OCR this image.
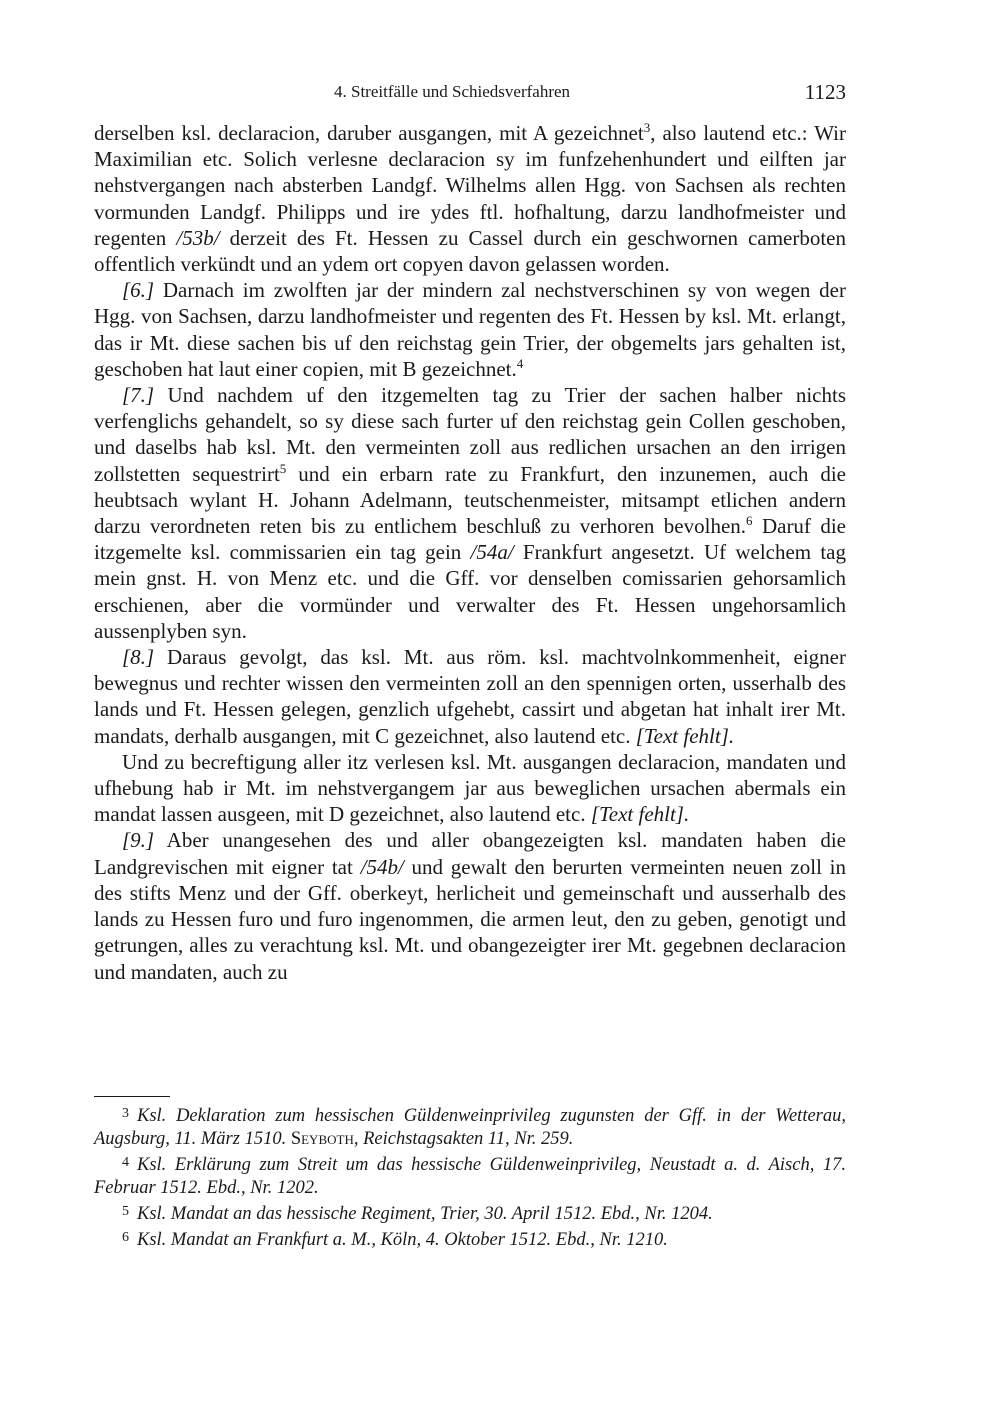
4. Streitfälle und Schiedsverfahren	1123

derselben ksl. declaracion, daruber ausgangen, mit A gezeichnet$^3$, also lautend etc.: Wir Maximilian etc. Solich verlesne declaracion sy im funfzehenhundert und eilften jar nehstvergangen nach absterben Landgf. Wilhelms allen Hgg. von Sachsen als rechten vormunden Landgf. Philipps und ire ydes ftl. hofhaltung, darzu landhofmeister und regenten /53b/ derzeit des Ft. Hessen zu Cassel durch ein geschwornen camerboten offentlich verkündt und an ydem ort copyen davon gelassen worden.

[6.] Darnach im zwolften jar der mindern zal nechstverschinen sy von wegen der Hgg. von Sachsen, darzu landhofmeister und regenten des Ft. Hessen by ksl. Mt. erlangt, das ir Mt. diese sachen bis uf den reichstag gein Trier, der obgemelts jars gehalten ist, geschoben hat laut einer copien, mit B gezeichnet.$^4$

[7.] Und nachdem uf den itzgemelten tag zu Trier der sachen halber nichts verfenglichs gehandelt, so sy diese sach furter uf den reichstag gein Collen geschoben, und daselbs hab ksl. Mt. den vermeinten zoll aus redlichen ursachen an den irrigen zollstetten sequestrirt$^5$ und ein erbarn rate zu Frankfurt, den inzunemen, auch die heubtsach wylant H. Johann Adelmann, teutschenmeister, mitsampt etlichen andern darzu verordneten reten bis zu entlichem beschluß zu verhoren bevolhen.$^6$ Daruf die itzgemelte ksl. commissarien ein tag gein /54a/ Frankfurt angesetzt. Uf welchem tag mein gnst. H. von Menz etc. und die Gff. vor denselben comissarien gehorsamlich erschienen, aber die vormünder und verwalter des Ft. Hessen ungehorsamlich aussenplyben syn.

[8.] Daraus gevolgt, das ksl. Mt. aus röm. ksl. machtvolnkommenheit, eigner bewegnus und rechter wissen den vermeinten zoll an den spennigen orten, usserhalb des lands und Ft. Hessen gelegen, genzlich ufgehebt, cassirt und abgetan hat inhalt irer Mt. mandats, derhalb ausgangen, mit C gezeichnet, also lautend etc. [Text fehlt].

Und zu becreftigung aller itz verlesen ksl. Mt. ausgangen declaracion, mandaten und ufhebung hab ir Mt. im nehstvergangem jar aus beweglichen ursachen abermals ein mandat lassen ausgeen, mit D gezeichnet, also lautend etc. [Text fehlt].

[9.] Aber unangesehen des und aller obangezeigten ksl. mandaten haben die Landgrevischen mit eigner tat /54b/ und gewalt den berurten vermeinten neuen zoll in des stifts Menz und der Gff. oberkeyt, herlicheit und gemeinschaft und ausserhalb des lands zu Hessen furo und furo ingenommen, die armen leut, den zu geben, genotigt und getrungen, alles zu verachtung ksl. Mt. und obangezeigter irer Mt. gegebnen declaracion und mandaten, auch zu

$^3$ Ksl. Deklaration zum hessischen Güldenweinprivileg zugunsten der Gff. in der Wetterau, Augsburg, 11. März 1510. Seyboth, Reichstagsakten 11, Nr. 259.

$^4$ Ksl. Erklärung zum Streit um das hessische Güldenweinprivileg, Neustadt a. d. Aisch, 17. Februar 1512. Ebd., Nr. 1202.

$^5$ Ksl. Mandat an das hessische Regiment, Trier, 30. April 1512. Ebd., Nr. 1204.

$^6$ Ksl. Mandat an Frankfurt a. M., Köln, 4. Oktober 1512. Ebd., Nr. 1210.
